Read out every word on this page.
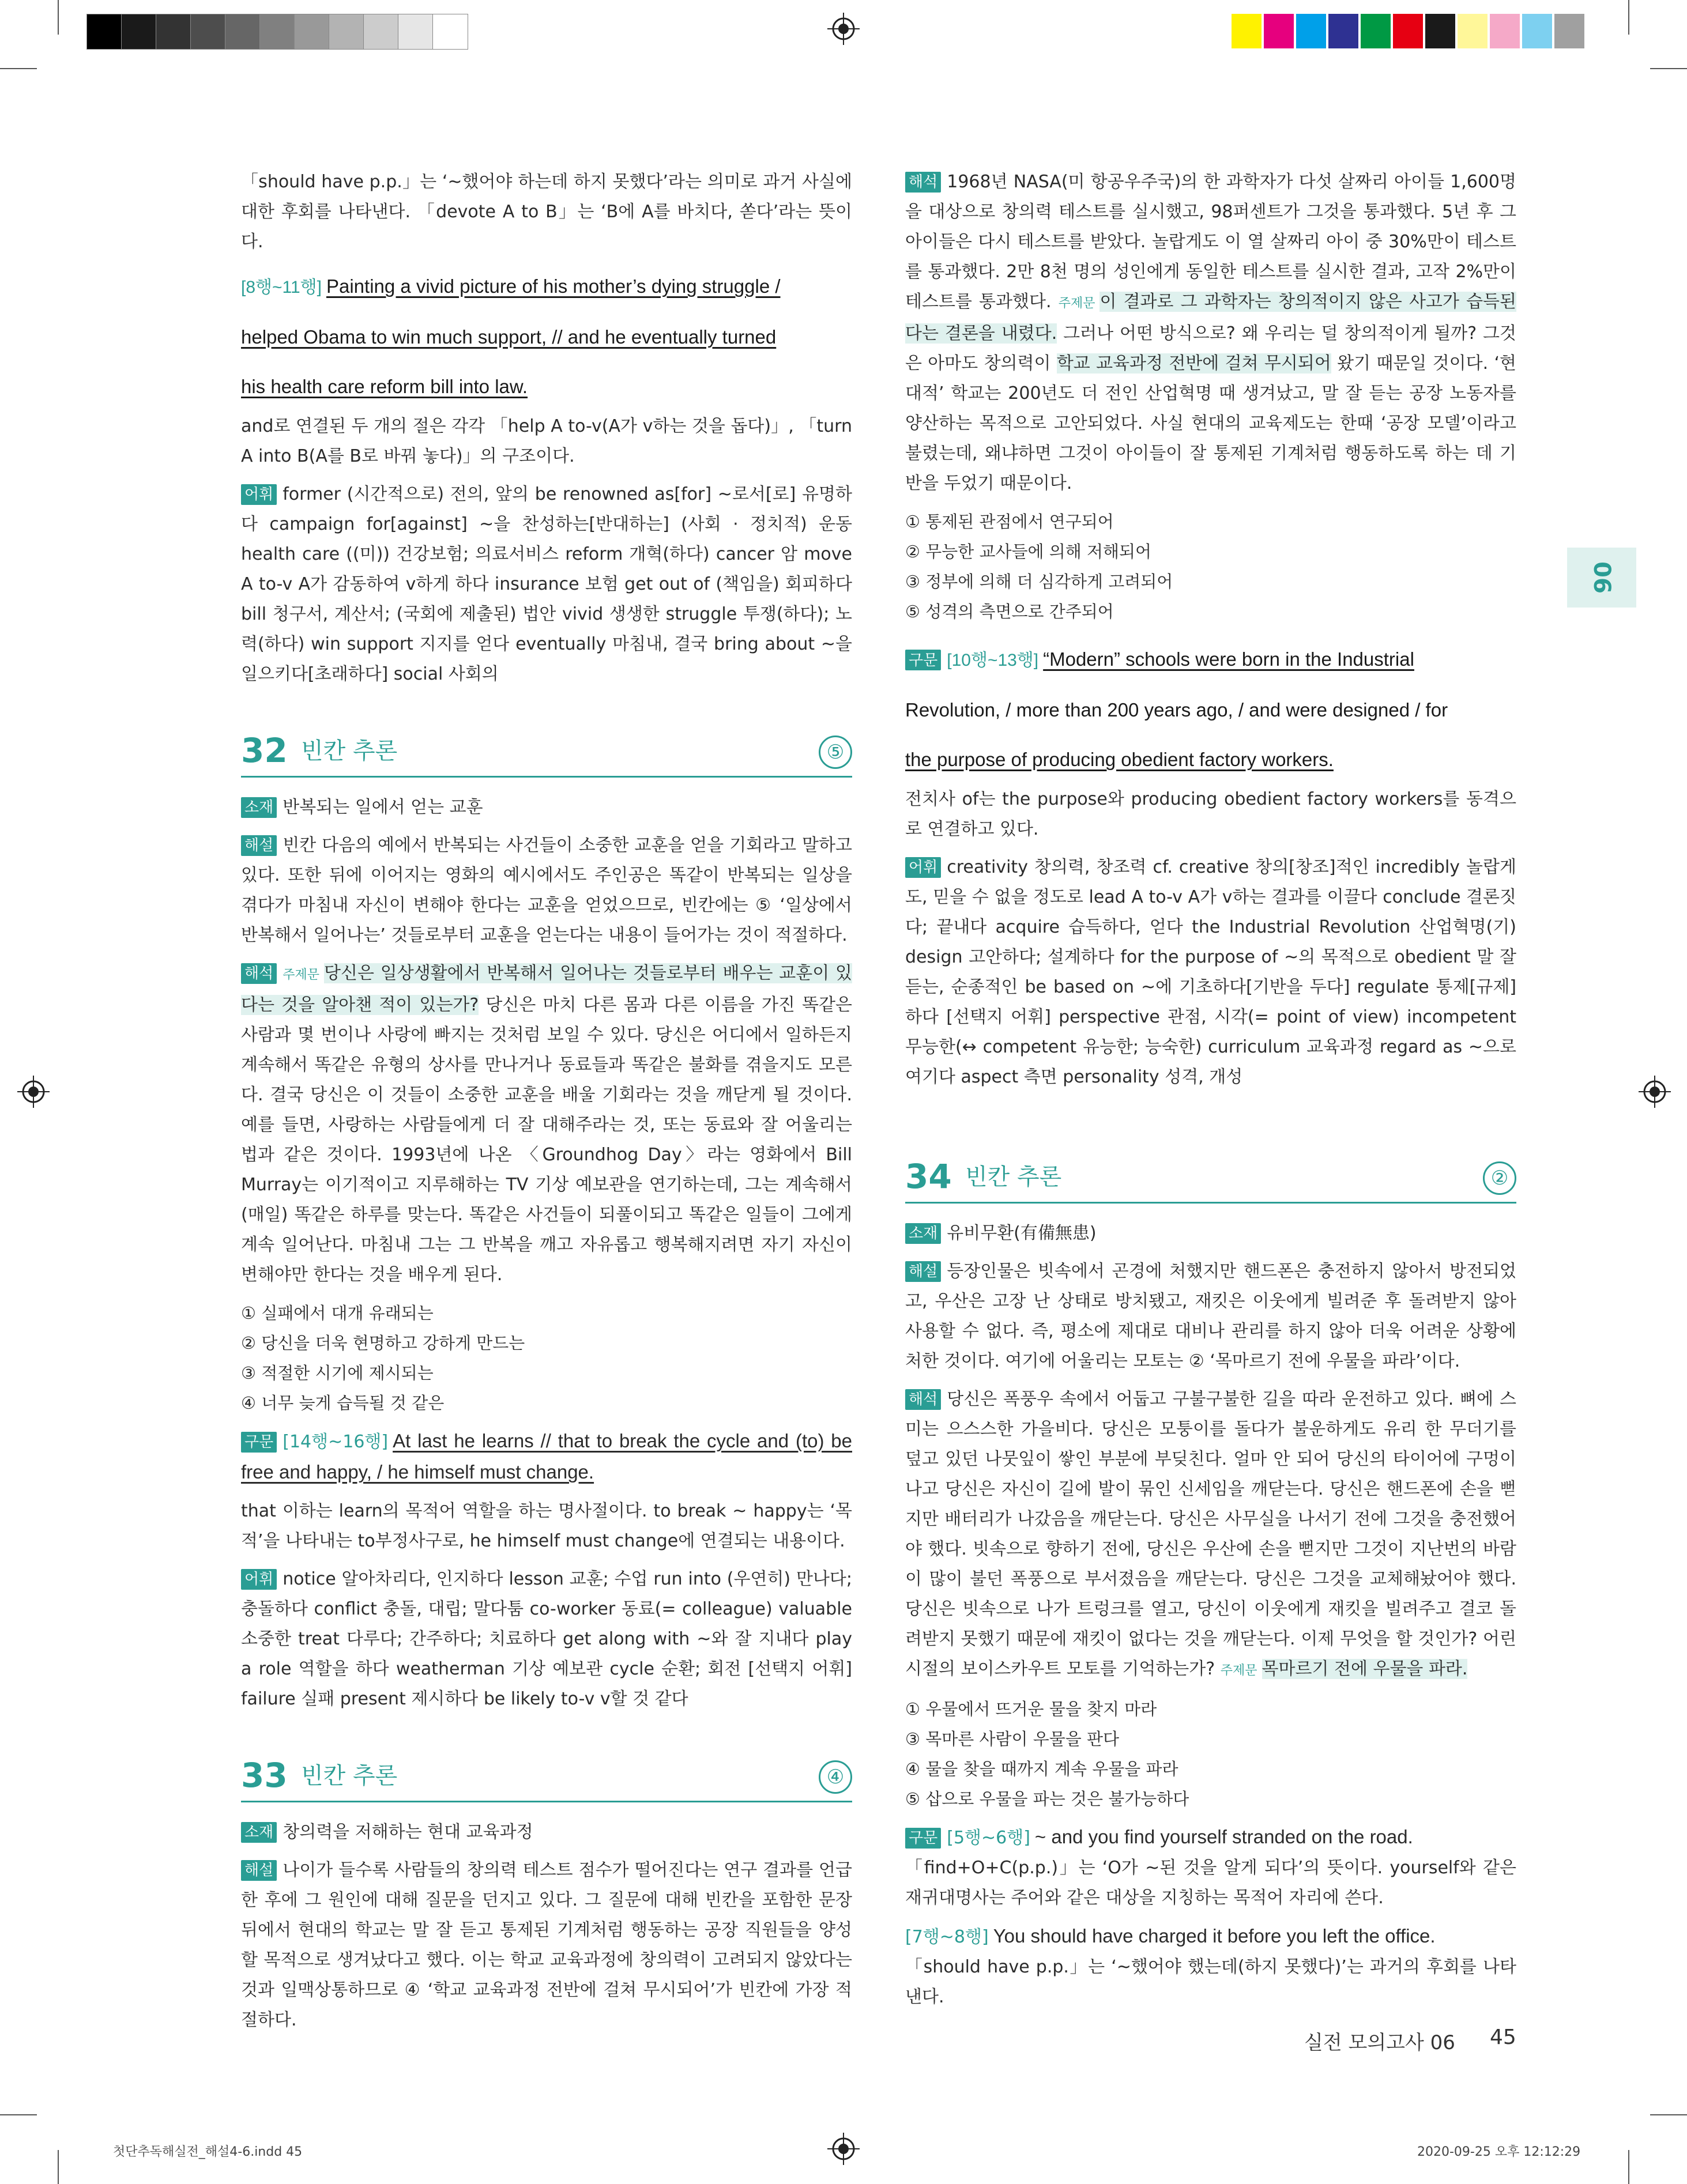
06

「should have p.p.」는 ‘~했어야 하는데 하지 못했다’라는 의미로 과거 사실에 대한 후회를 나타낸다. 「devote A to B」는 ‘B에 A를 바치다, 쏟다’라는 뜻이다.

[8행~11행] Painting a vivid picture of his mother’s dying struggle /
helped Obama to win much support, // and he eventually turned
his health care reform bill into law.

and로 연결된 두 개의 절은 각각 「help A to-v(A가 v하는 것을 돕다)」, 「turn A into B(A를 B로 바꿔 놓다)」의 구조이다.

어휘 former (시간적으로) 전의, 앞의 be renowned as[for] ~로서[로] 유명하다 campaign for[against] ~을 찬성하는[반대하는] (사회 · 정치적) 운동 health care ((미)) 건강보험; 의료서비스 reform 개혁(하다) cancer 암 move A to-v A가 감동하여 v하게 하다 insurance 보험 get out of (책임을) 회피하다 bill 청구서, 계산서; (국회에 제출된) 법안 vivid 생생한 struggle 투쟁(하다); 노력(하다) win support 지지를 얻다 eventually 마침내, 결국 bring about ~을 일으키다[초래하다] social 사회의

32 빈칸 추론	⑤

소재 반복되는 일에서 얻는 교훈

해설 빈칸 다음의 예에서 반복되는 사건들이 소중한 교훈을 얻을 기회라고 말하고 있다. 또한 뒤에 이어지는 영화의 예시에서도 주인공은 똑같이 반복되는 일상을 겪다가 마침내 자신이 변해야 한다는 교훈을 얻었으므로, 빈칸에는 ⑤ ‘일상에서 반복해서 일어나는’ 것들로부터 교훈을 얻는다는 내용이 들어가는 것이 적절하다.

해석 주제문 당신은 일상생활에서 반복해서 일어나는 것들로부터 배우는 교훈이 있다는 것을 알아챈 적이 있는가? 당신은 마치 다른 몸과 다른 이름을 가진 똑같은 사람과 몇 번이나 사랑에 빠지는 것처럼 보일 수 있다. 당신은 어디에서 일하든지 계속해서 똑같은 유형의 상사를 만나거나 동료들과 똑같은 불화를 겪을지도 모른다. 결국 당신은 이 것들이 소중한 교훈을 배울 기회라는 것을 깨닫게 될 것이다. 예를 들면, 사랑하는 사람들에게 더 잘 대해주라는 것, 또는 동료와 잘 어울리는 법과 같은 것이다. 1993년에 나온 〈Groundhog Day〉라는 영화에서 Bill Murray는 이기적이고 지루해하는 TV 기상 예보관을 연기하는데, 그는 계속해서 (매일) 똑같은 하루를 맞는다. 똑같은 사건들이 되풀이되고 똑같은 일들이 그에게 계속 일어난다. 마침내 그는 그 반복을 깨고 자유롭고 행복해지려면 자기 자신이 변해야만 한다는 것을 배우게 된다.

① 실패에서 대개 유래되는

② 당신을 더욱 현명하고 강하게 만드는

③ 적절한 시기에 제시되는

④ 너무 늦게 습득될 것 같은

구문 [14행~16행] At last he learns // that to break the cycle and (to) be free and happy, / he himself must change.

that 이하는 learn의 목적어 역할을 하는 명사절이다. to break ~ happy는 ‘목적’을 나타내는 to부정사구로, he himself must change에 연결되는 내용이다.

어휘 notice 알아차리다, 인지하다 lesson 교훈; 수업 run into (우연히) 만나다; 충돌하다 conflict 충돌, 대립; 말다툼 co-worker 동료(= colleague) valuable 소중한 treat 다루다; 간주하다; 치료하다 get along with ~와 잘 지내다 play a role 역할을 하다 weatherman 기상 예보관 cycle 순환; 회전 [선택지 어휘] failure 실패 present 제시하다 be likely to-v v할 것 같다

33 빈칸 추론	④

소재 창의력을 저해하는 현대 교육과정

해설 나이가 들수록 사람들의 창의력 테스트 점수가 떨어진다는 연구 결과를 언급한 후에 그 원인에 대해 질문을 던지고 있다. 그 질문에 대해 빈칸을 포함한 문장 뒤에서 현대의 학교는 말 잘 듣고 통제된 기계처럼 행동하는 공장 직원들을 양성할 목적으로 생겨났다고 했다. 이는 학교 교육과정에 창의력이 고려되지 않았다는 것과 일맥상통하므로 ④ ‘학교 교육과정 전반에 걸쳐 무시되어’가 빈칸에 가장 적절하다.

해석 1968년 NASA(미 항공우주국)의 한 과학자가 다섯 살짜리 아이들 1,600명을 대상으로 창의력 테스트를 실시했고, 98퍼센트가 그것을 통과했다. 5년 후 그 아이들은 다시 테스트를 받았다. 놀랍게도 이 열 살짜리 아이 중 30%만이 테스트를 통과했다. 2만 8천 명의 성인에게 동일한 테스트를 실시한 결과, 고작 2%만이 테스트를 통과했다. 주제문 이 결과로 그 과학자는 창의적이지 않은 사고가 습득된다는 결론을 내렸다. 그러나 어떤 방식으로? 왜 우리는 덜 창의적이게 될까? 그것은 아마도 창의력이 학교 교육과정 전반에 걸쳐 무시되어 왔기 때문일 것이다. ‘현대적’ 학교는 200년도 더 전인 산업혁명 때 생겨났고, 말 잘 듣는 공장 노동자를 양산하는 목적으로 고안되었다. 사실 현대의 교육제도는 한때 ‘공장 모델’이라고 불렸는데, 왜냐하면 그것이 아이들이 잘 통제된 기계처럼 행동하도록 하는 데 기반을 두었기 때문이다.

① 통제된 관점에서 연구되어

② 무능한 교사들에 의해 저해되어

③ 정부에 의해 더 심각하게 고려되어

⑤ 성격의 측면으로 간주되어

구문 [10행~13행] “Modern” schools were born in the Industrial
Revolution, / more than 200 years ago, / and were designed / for
the purpose of producing obedient factory workers.

전치사 of는 the purpose와 producing obedient factory workers를 동격으로 연결하고 있다.

어휘 creativity 창의력, 창조력 cf. creative 창의[창조]적인 incredibly 놀랍게도, 믿을 수 없을 정도로 lead A to-v A가 v하는 결과를 이끌다 conclude 결론짓다; 끝내다 acquire 습득하다, 얻다 the Industrial Revolution 산업혁명(기) design 고안하다; 설계하다 for the purpose of ~의 목적으로 obedient 말 잘 듣는, 순종적인 be based on ~에 기초하다[기반을 두다] regulate 통제[규제]하다 [선택지 어휘] perspective 관점, 시각(= point of view) incompetent 무능한(↔ competent 유능한; 능숙한) curriculum 교육과정 regard as ~으로 여기다 aspect 측면 personality 성격, 개성

34 빈칸 추론	②

소재 유비무환(有備無患)

해설 등장인물은 빗속에서 곤경에 처했지만 핸드폰은 충전하지 않아서 방전되었고, 우산은 고장 난 상태로 방치됐고, 재킷은 이웃에게 빌려준 후 돌려받지 않아 사용할 수 없다. 즉, 평소에 제대로 대비나 관리를 하지 않아 더욱 어려운 상황에 처한 것이다. 여기에 어울리는 모토는 ② ‘목마르기 전에 우물을 파라’이다.

해석 당신은 폭풍우 속에서 어둡고 구불구불한 길을 따라 운전하고 있다. 뼈에 스미는 으스스한 가을비다. 당신은 모퉁이를 돌다가 불운하게도 유리 한 무더기를 덮고 있던 나뭇잎이 쌓인 부분에 부딪친다. 얼마 안 되어 당신의 타이어에 구멍이 나고 당신은 자신이 길에 발이 묶인 신세임을 깨닫는다. 당신은 핸드폰에 손을 뻗지만 배터리가 나갔음을 깨닫는다. 당신은 사무실을 나서기 전에 그것을 충전했어야 했다. 빗속으로 향하기 전에, 당신은 우산에 손을 뻗지만 그것이 지난번의 바람이 많이 불던 폭풍으로 부서졌음을 깨닫는다. 당신은 그것을 교체해놨어야 했다. 당신은 빗속으로 나가 트렁크를 열고, 당신이 이웃에게 재킷을 빌려주고 결코 돌려받지 못했기 때문에 재킷이 없다는 것을 깨닫는다. 이제 무엇을 할 것인가? 어린 시절의 보이스카우트 모토를 기억하는가? 주제문 목마르기 전에 우물을 파라.

① 우물에서 뜨거운 물을 찾지 마라

③ 목마른 사람이 우물을 판다

④ 물을 찾을 때까지 계속 우물을 파라

⑤ 삽으로 우물을 파는 것은 불가능하다

구문 [5행~6행] ~ and you find yourself stranded on the road.

「find+O+C(p.p.)」는 ‘O가 ~된 것을 알게 되다’의 뜻이다. yourself와 같은 재귀대명사는 주어와 같은 대상을 지칭하는 목적어 자리에 쓴다.

[7행~8행] You should have charged it before you left the office.

「should have p.p.」는 ‘~했어야 했는데(하지 못했다)’는 과거의 후회를 나타낸다.

실전 모의고사 06 45
첫단추독해실전_해설4-6.indd 45	2020-09-25 오후 12:12:29
